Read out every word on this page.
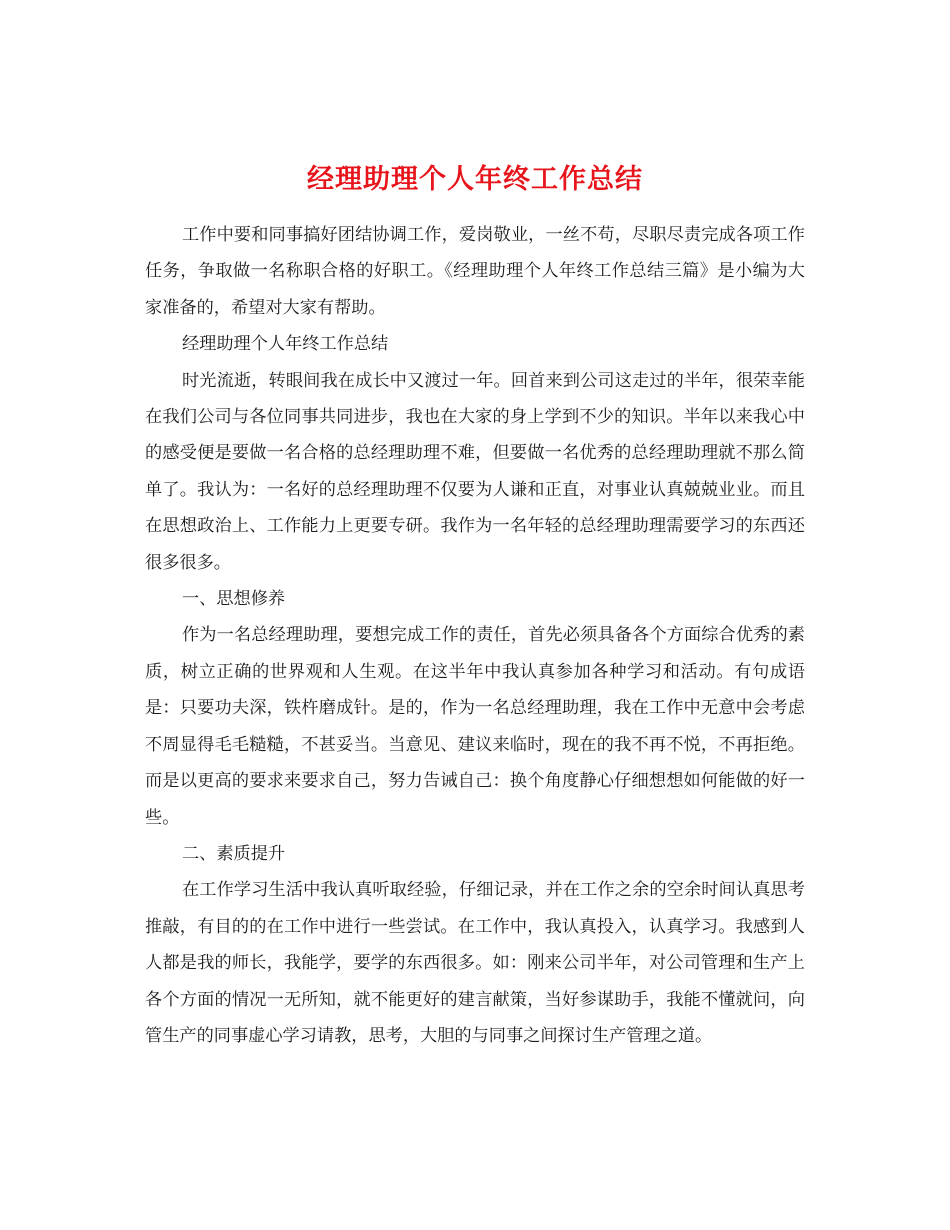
经理助理个人年终工作总结

工作中要和同事搞好团结协调工作，爱岗敬业，一丝不苟，尽职尽责完成各项工作任务，争取做一名称职合格的好职工。《经理助理个人年终工作总结三篇》是小编为大家准备的，希望对大家有帮助。

经理助理个人年终工作总结

时光流逝，转眼间我在成长中又渡过一年。回首来到公司这走过的半年，很荣幸能在我们公司与各位同事共同进步，我也在大家的身上学到不少的知识。半年以来我心中的感受便是要做一名合格的总经理助理不难，但要做一名优秀的总经理助理就不那么简单了。我认为：一名好的总经理助理不仅要为人谦和正直，对事业认真兢兢业业。而且在思想政治上、工作能力上更要专研。我作为一名年轻的总经理助理需要学习的东西还很多很多。

一、思想修养

作为一名总经理助理，要想完成工作的责任，首先必须具备各个方面综合优秀的素质，树立正确的世界观和人生观。在这半年中我认真参加各种学习和活动。有句成语是：只要功夫深，铁杵磨成针。是的，作为一名总经理助理，我在工作中无意中会考虑不周显得毛毛糙糙，不甚妥当。当意见、建议来临时，现在的我不再不悦，不再拒绝。而是以更高的要求来要求自己，努力告诫自己：换个角度静心仔细想想如何能做的好一些。

二、素质提升

在工作学习生活中我认真听取经验，仔细记录，并在工作之余的空余时间认真思考推敲，有目的的在工作中进行一些尝试。在工作中，我认真投入，认真学习。我感到人人都是我的师长，我能学，要学的东西很多。如：刚来公司半年，对公司管理和生产上各个方面的情况一无所知，就不能更好的建言献策，当好参谋助手，我能不懂就问，向管生产的同事虚心学习请教，思考，大胆的与同事之间探讨生产管理之道。
